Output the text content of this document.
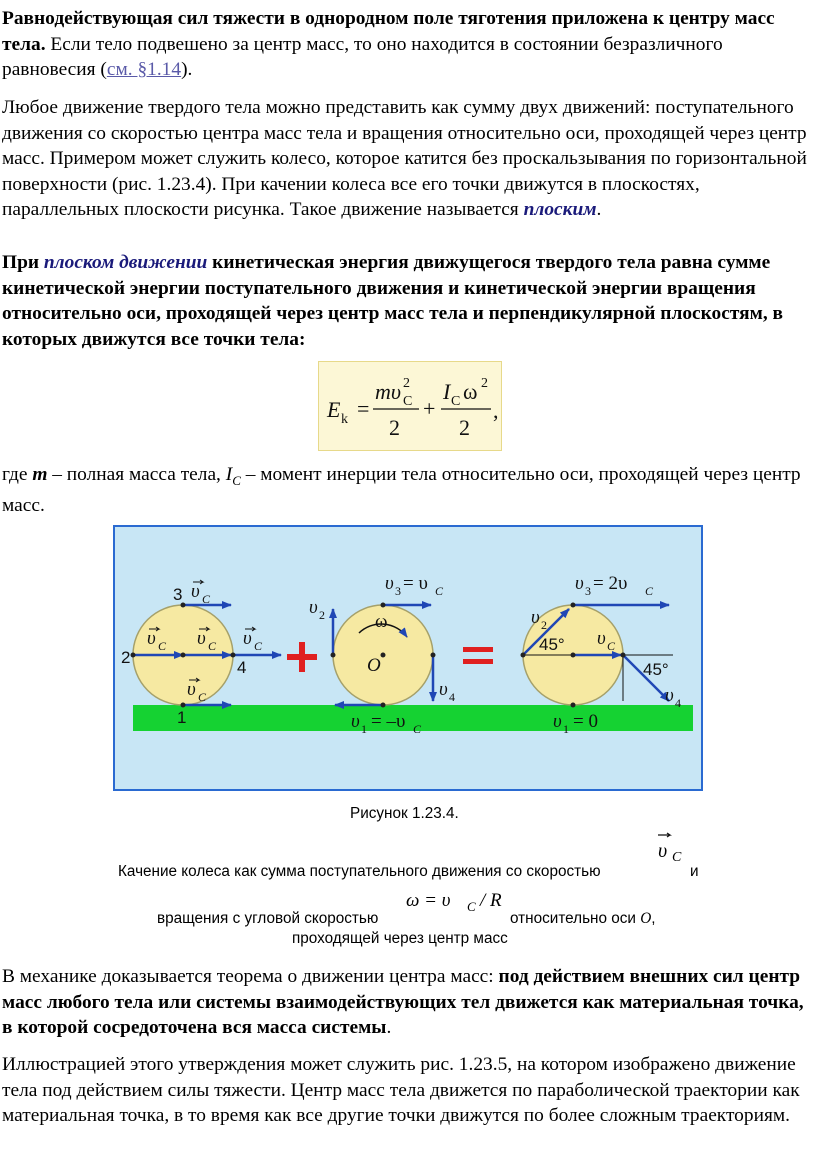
Равнодействующая сил тяжести в однородном поле тяготения приложена к центру масс тела. Если тело подвешено за центр масс, то оно находится в состоянии безразличного равновесия (см. §1.14).

Любое движение твердого тела можно представить как сумму двух движений: поступательного движения со скоростью центра масс тела и вращения относительно оси, проходящей через центр масс. Примером может служить колесо, которое катится без проскальзывания по горизонтальной поверхности (рис. 1.23.4). При качении колеса все его точки движутся в плоскостях, параллельных плоскости рисунка. Такое движение называется плоским.

При плоском движении кинетическая энергия движущегося твердого тела равна сумме кинетической энергии поступательного движения и кинетической энергии вращения относительно оси, проходящей через центр масс тела и перпендикулярной плоскостям, в которых движутся все точки тела:

E k =
mυ 2
C
2
+
I C ω 2
2
,

где m – полная масса тела, $I_C$ – момент инерции тела относительно оси, проходящей через центр масс.

2
4
3
1
υ C υ C υ C
υ C
υ C
ω
O
υ 3 = υ C
υ 2
υ 4
υ 1 = –υ C
45°
45°
υ 3 = 2υ C
υ 2
υ C
υ 4
υ 1 = 0
Рисунок 1.23.4.
Качение колеса как сумма поступательного движения со скоростью
υ C
и
вращения с угловой скоростью
ω = υ C / R
относительно оси O,
проходящей через центр масс

В механике доказывается теорема о движении центра масс: под действием внешних сил центр масс любого тела или системы взаимодействующих тел движется как материальная точка, в которой сосредоточена вся масса системы.

Иллюстрацией этого утверждения может служить рис. 1.23.5, на котором изображено движение тела под действием силы тяжести. Центр масс тела движется по параболической траектории как материальная точка, в то время как все другие точки движутся по более сложным траекториям.
